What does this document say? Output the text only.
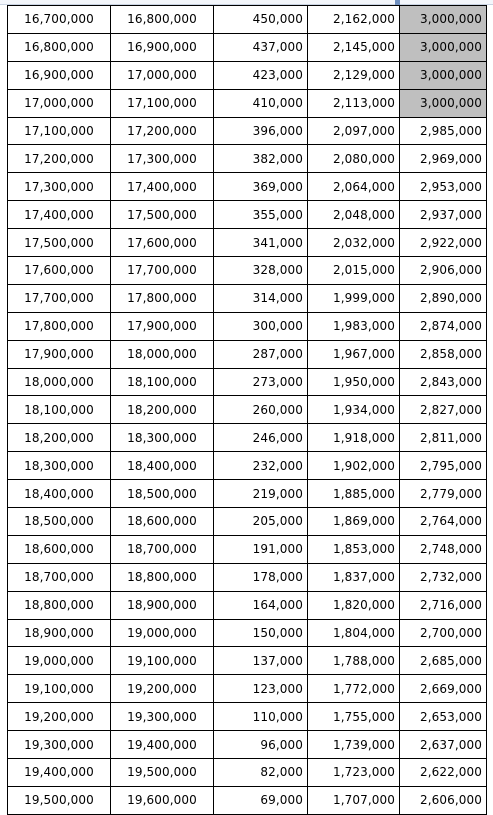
16,700,000	16,800,000	450,000	2,162,000	3,000,000
16,800,000	16,900,000	437,000	2,145,000	3,000,000
16,900,000	17,000,000	423,000	2,129,000	3,000,000
17,000,000	17,100,000	410,000	2,113,000	3,000,000
17,100,000	17,200,000	396,000	2,097,000	2,985,000
17,200,000	17,300,000	382,000	2,080,000	2,969,000
17,300,000	17,400,000	369,000	2,064,000	2,953,000
17,400,000	17,500,000	355,000	2,048,000	2,937,000
17,500,000	17,600,000	341,000	2,032,000	2,922,000
17,600,000	17,700,000	328,000	2,015,000	2,906,000
17,700,000	17,800,000	314,000	1,999,000	2,890,000
17,800,000	17,900,000	300,000	1,983,000	2,874,000
17,900,000	18,000,000	287,000	1,967,000	2,858,000
18,000,000	18,100,000	273,000	1,950,000	2,843,000
18,100,000	18,200,000	260,000	1,934,000	2,827,000
18,200,000	18,300,000	246,000	1,918,000	2,811,000
18,300,000	18,400,000	232,000	1,902,000	2,795,000
18,400,000	18,500,000	219,000	1,885,000	2,779,000
18,500,000	18,600,000	205,000	1,869,000	2,764,000
18,600,000	18,700,000	191,000	1,853,000	2,748,000
18,700,000	18,800,000	178,000	1,837,000	2,732,000
18,800,000	18,900,000	164,000	1,820,000	2,716,000
18,900,000	19,000,000	150,000	1,804,000	2,700,000
19,000,000	19,100,000	137,000	1,788,000	2,685,000
19,100,000	19,200,000	123,000	1,772,000	2,669,000
19,200,000	19,300,000	110,000	1,755,000	2,653,000
19,300,000	19,400,000	96,000	1,739,000	2,637,000
19,400,000	19,500,000	82,000	1,723,000	2,622,000
19,500,000	19,600,000	69,000	1,707,000	2,606,000
